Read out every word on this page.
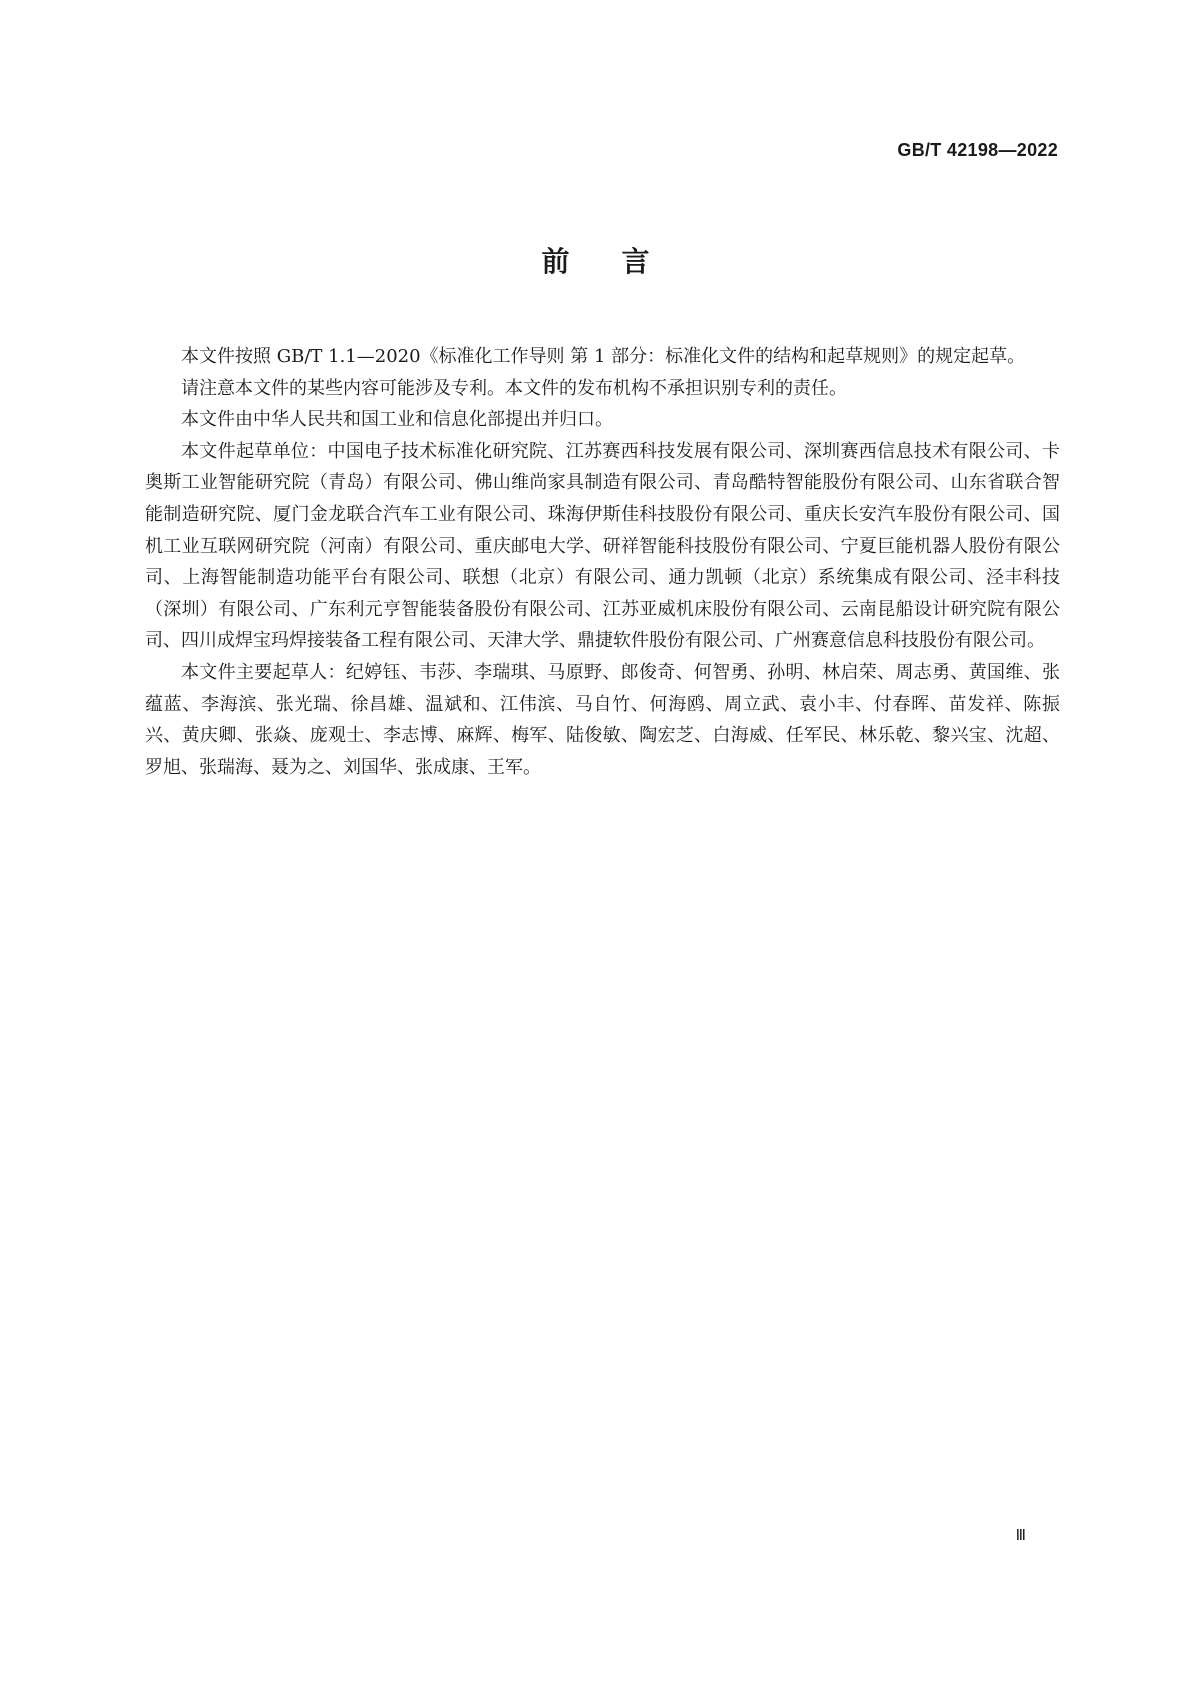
GB/T 42198—2022
前言

本文件按照 GB/T 1.1—2020《标准化工作导则 第 1 部分：标准化文件的结构和起草规则》的规定起草。

请注意本文件的某些内容可能涉及专利。本文件的发布机构不承担识别专利的责任。

本文件由中华人民共和国工业和信息化部提出并归口。

本文件起草单位：中国电子技术标准化研究院、江苏赛西科技发展有限公司、深圳赛西信息技术有限公司、卡奥斯工业智能研究院（青岛）有限公司、佛山维尚家具制造有限公司、青岛酷特智能股份有限公司、山东省联合智能制造研究院、厦门金龙联合汽车工业有限公司、珠海伊斯佳科技股份有限公司、重庆长安汽车股份有限公司、国机工业互联网研究院（河南）有限公司、重庆邮电大学、研祥智能科技股份有限公司、宁夏巨能机器人股份有限公司、上海智能制造功能平台有限公司、联想（北京）有限公司、通力凯顿（北京）系统集成有限公司、泾丰科技（深圳）有限公司、广东利元亨智能装备股份有限公司、江苏亚威机床股份有限公司、云南昆船设计研究院有限公司、四川成焊宝玛焊接装备工程有限公司、天津大学、鼎捷软件股份有限公司、广州赛意信息科技股份有限公司。

本文件主要起草人：纪婷钰、韦莎、李瑞琪、马原野、郎俊奇、何智勇、孙明、林启荣、周志勇、黄国维、张蕴蓝、李海滨、张光瑞、徐昌雄、温斌和、江伟滨、马自竹、何海鸥、周立武、袁小丰、付春晖、苗发祥、陈振兴、黄庆卿、张焱、庞观士、李志博、麻辉、梅军、陆俊敏、陶宏芝、白海威、任军民、林乐乾、黎兴宝、沈超、罗旭、张瑞海、聂为之、刘国华、张成康、王军。

Ⅲ
